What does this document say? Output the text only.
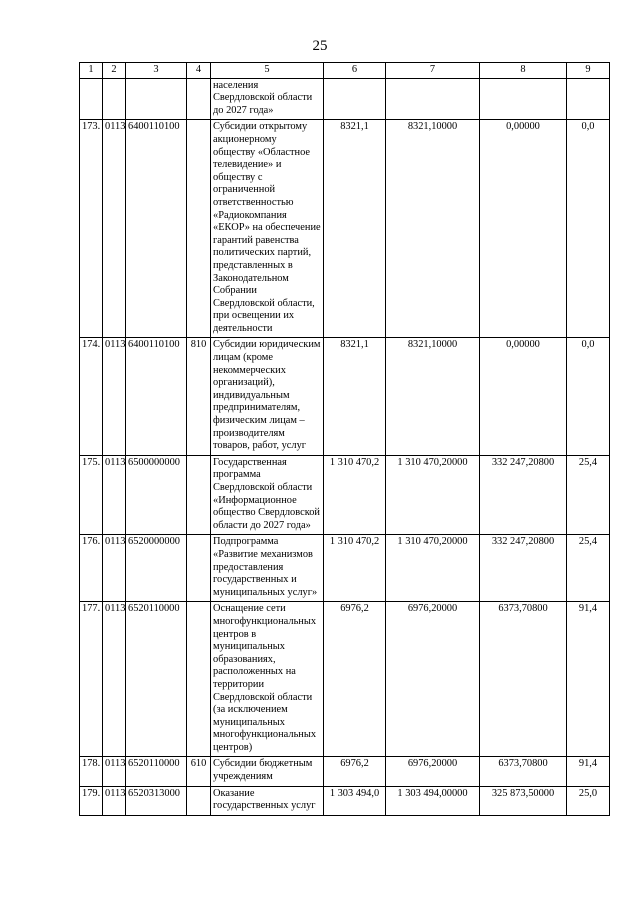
25
1	2	3	4	5	6	7	8	9
				населения Свердловской области до 2027 года»				
173.	0113	6400110100		Субсидии открытому акционерному обществу «Областное телевидение» и обществу с ограниченной ответственностью «Радиокомпания «ЕКОР» на обеспечение гарантий равенства политических партий, представленных в Законодательном Собрании Свердловской области, при освещении их деятельности	8321,1	8321,10000	0,00000	0,0
174.	0113	6400110100	810	Субсидии юридическим лицам (кроме некоммерческих организаций), индивидуальным предпринимателям, физическим лицам – производителям товаров, работ, услуг	8321,1	8321,10000	0,00000	0,0
175.	0113	6500000000		Государственная программа Свердловской области «Информационное общество Свердловской области до 2027 года»	1 310 470,2	1 310 470,20000	332 247,20800	25,4
176.	0113	6520000000		Подпрограмма «Развитие механизмов предоставления государственных и муниципальных услуг»	1 310 470,2	1 310 470,20000	332 247,20800	25,4
177.	0113	6520110000		Оснащение сети многофункциональных центров в муниципальных образованиях, расположенных на территории Свердловской области (за исключением муниципальных многофункциональных центров)	6976,2	6976,20000	6373,70800	91,4
178.	0113	6520110000	610	Субсидии бюджетным учреждениям	6976,2	6976,20000	6373,70800	91,4
179.	0113	6520313000		Оказание государственных услуг	1 303 494,0	1 303 494,00000	325 873,50000	25,0
